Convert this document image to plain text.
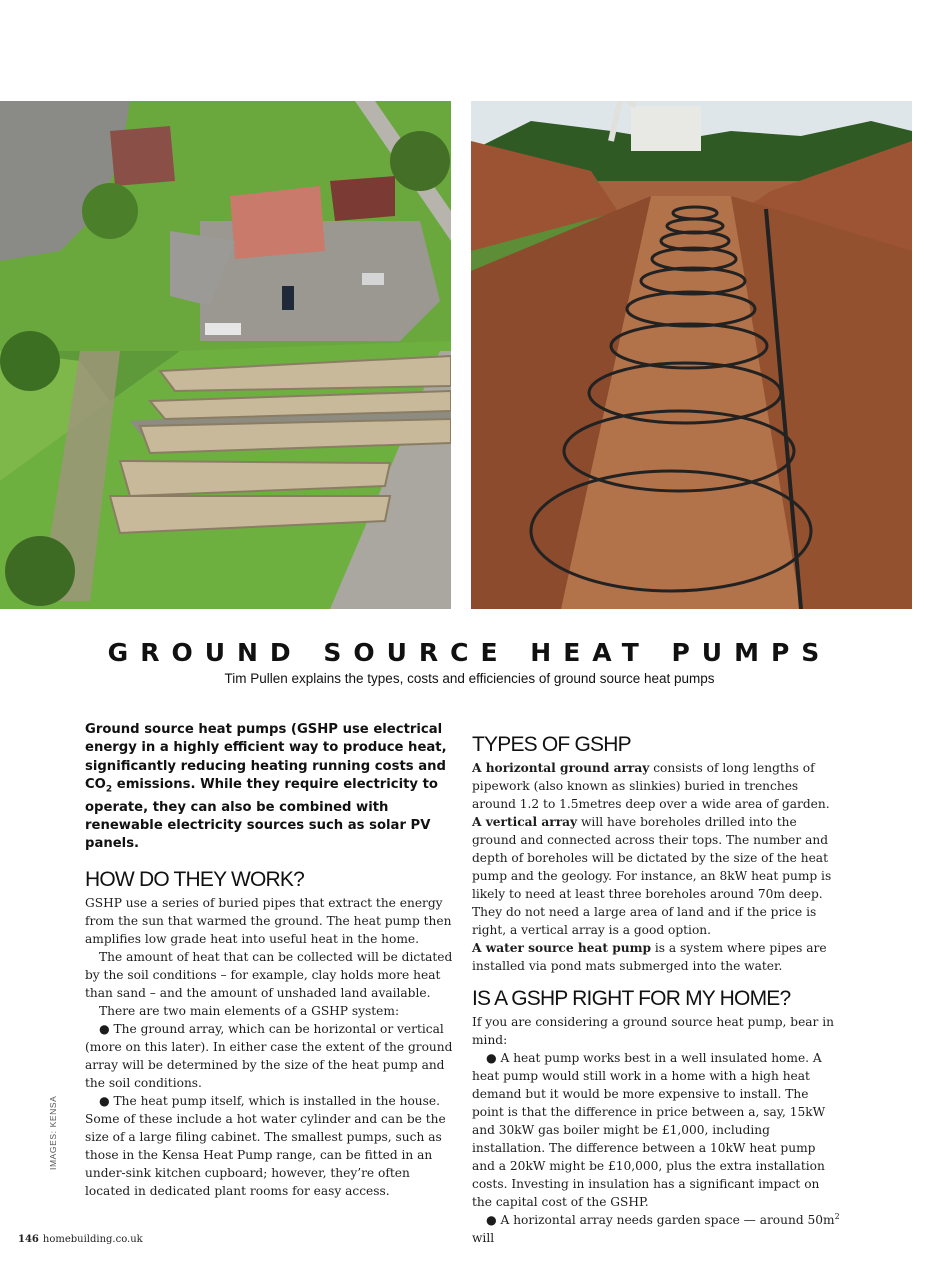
GROUND SOURCE HEAT PUMPS
Tim Pullen explains the types, costs and efficiencies of ground source heat pumps

Ground source heat pumps (GSHP use electrical energy in a highly efficient way to produce heat, significantly reducing heating running costs and $CO_2$ emissions. While they require electricity to operate, they can also be combined with renewable electricity sources such as solar PV panels.

HOW DO THEY WORK?

GSHP use a series of buried pipes that extract the energy from the sun that warmed the ground. The heat pump then amplifies low grade heat into useful heat in the home.

The amount of heat that can be collected will be dictated by the soil conditions – for example, clay holds more heat than sand – and the amount of unshaded land available.

There are two main elements of a GSHP system:

● The ground array, which can be horizontal or vertical (more on this later). In either case the extent of the ground array will be determined by the size of the heat pump and the soil conditions.

● The heat pump itself, which is installed in the house. Some of these include a hot water cylinder and can be the size of a large filing cabinet. The smallest pumps, such as those in the Kensa Heat Pump range, can be fitted in an under-sink kitchen cupboard; however, they’re often located in dedicated plant rooms for easy access.

TYPES OF GSHP

A horizontal ground array consists of long lengths of pipework (also known as slinkies) buried in trenches around 1.2 to 1.5metres deep over a wide area of garden.

A vertical array will have boreholes drilled into the ground and connected across their tops. The number and depth of boreholes will be dictated by the size of the heat pump and the geology. For instance, an 8kW heat pump is likely to need at least three boreholes around 70m deep. They do not need a large area of land and if the price is right, a vertical array is a good option.

A water source heat pump is a system where pipes are installed via pond mats submerged into the water.

IS A GSHP RIGHT FOR MY HOME?

If you are considering a ground source heat pump, bear in mind:

● A heat pump works best in a well insulated home. A heat pump would still work in a home with a high heat demand but it would be more expensive to install. The point is that the difference in price between a, say, 15kW and 30kW gas boiler might be £1,000, including installation. The difference between a 10kW heat pump and a 20kW might be £10,000, plus the extra installation costs. Investing in insulation has a significant impact on the capital cost of the GSHP.

● A horizontal array needs garden space — around $50m^2$ will

IMAGES: KENSA
146 homebuilding.co.uk
